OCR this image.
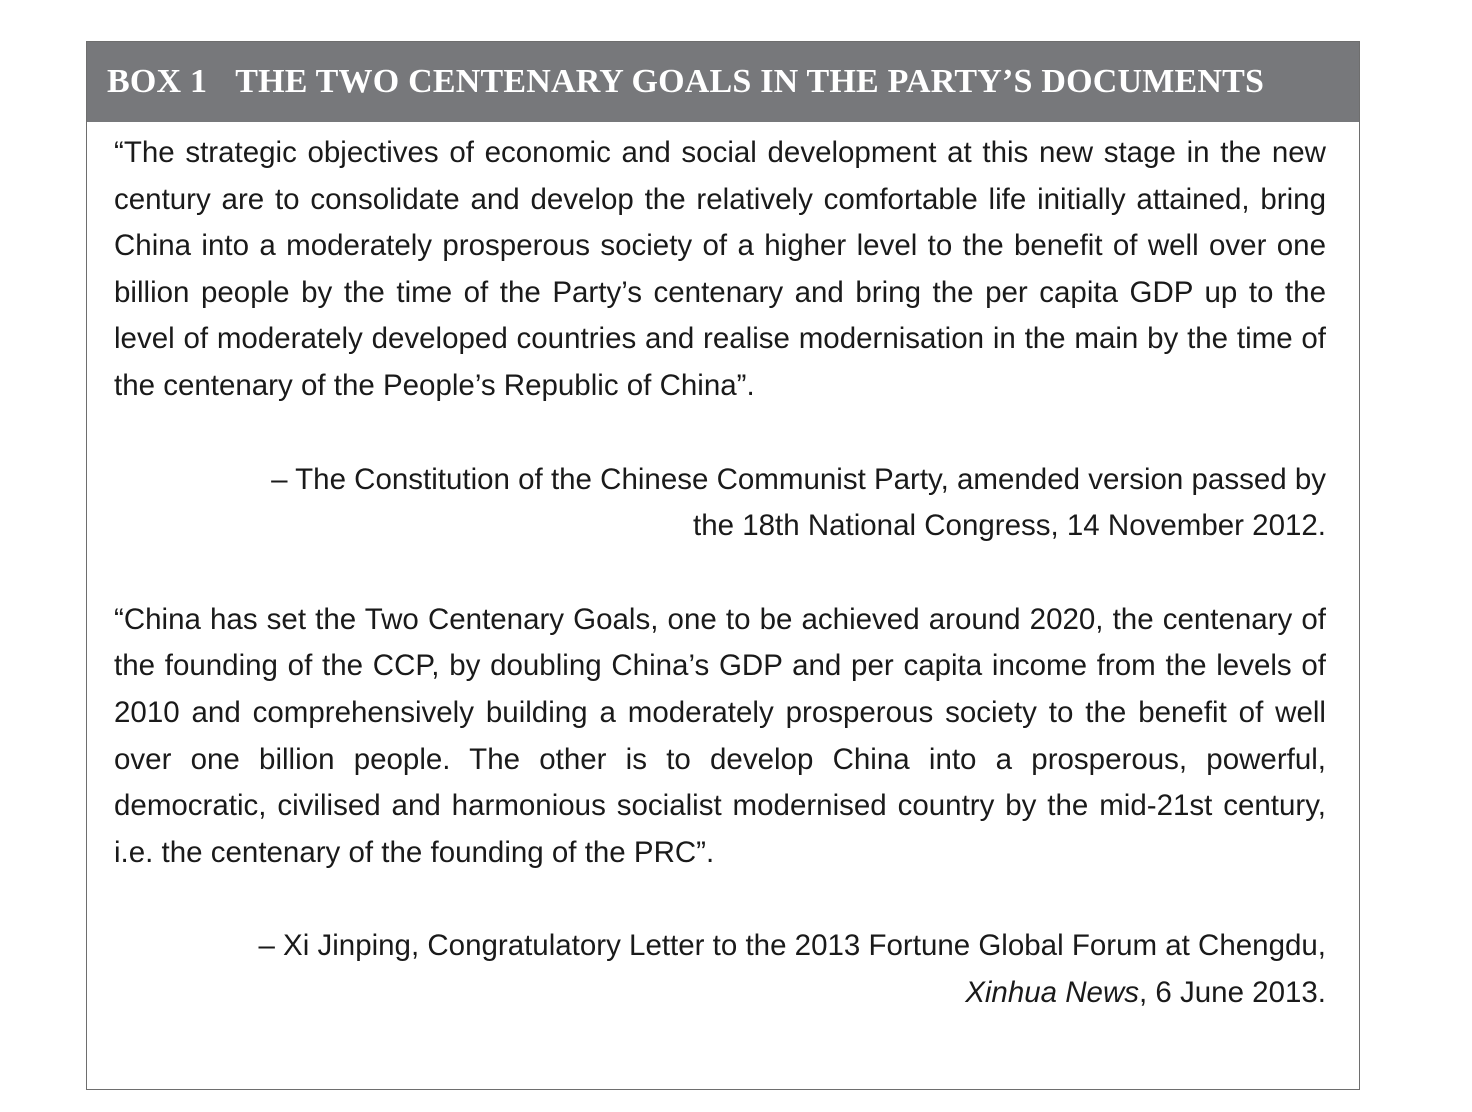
BOX 1 THE TWO CENTENARY GOALS IN THE PARTY’S DOCUMENTS

“The strategic objectives of economic and social development at this new stage in the new century are to consolidate and develop the relatively comfortable life initially attained, bring China into a moderately prosperous society of a higher level to the benefit of well over one billion people by the time of the Party’s centenary and bring the per capita GDP up to the level of moderately developed countries and realise modernisation in the main by the time of the centenary of the People’s Republic of China”.

– The Constitution of the Chinese Communist Party, amended version passed by
the 18th National Congress, 14 November 2012.

“China has set the Two Centenary Goals, one to be achieved around 2020, the centenary of the founding of the CCP, by doubling China’s GDP and per capita income from the levels of 2010 and comprehensively building a moderately prosperous society to the benefit of well over one billion people. The other is to develop China into a prosperous, powerful, democratic, civilised and harmonious socialist modernised country by the mid-21st century, i.e. the centenary of the founding of the PRC”.

– Xi Jinping, Congratulatory Letter to the 2013 Fortune Global Forum at Chengdu,
Xinhua News, 6 June 2013.
